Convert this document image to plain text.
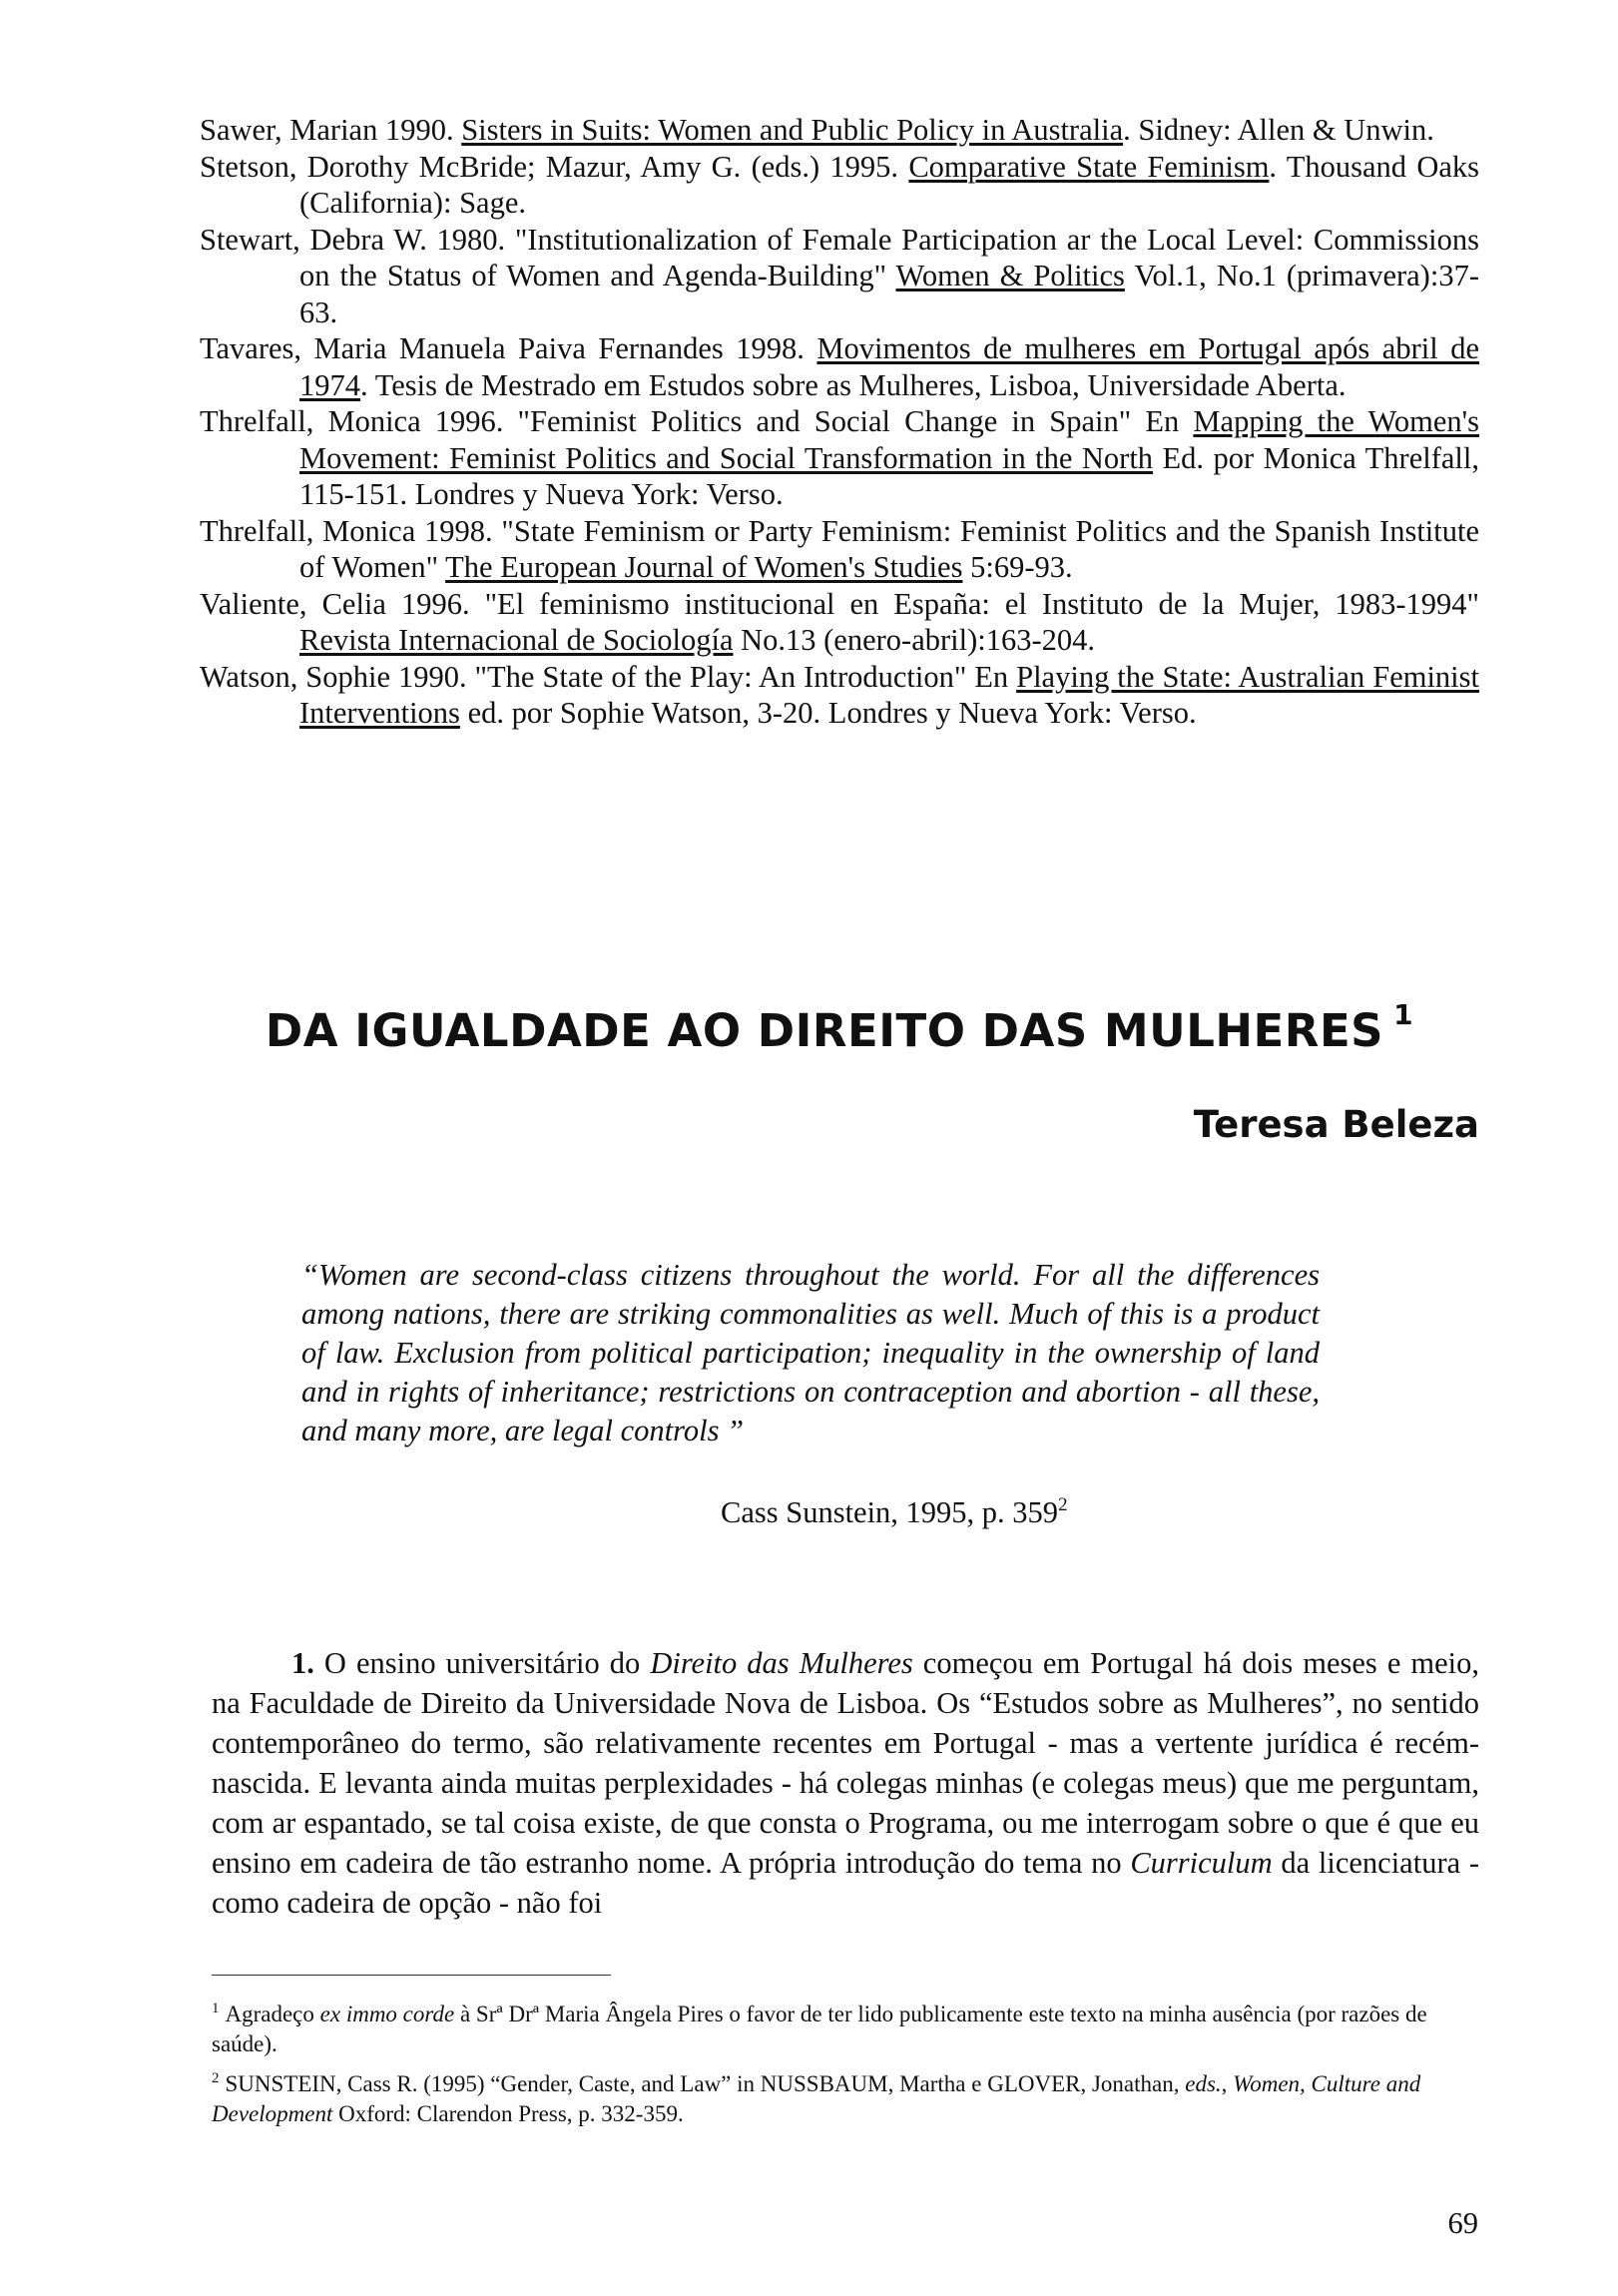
Sawer, Marian 1990. Sisters in Suits: Women and Public Policy in Australia. Sidney: Allen & Unwin.

Stetson, Dorothy McBride; Mazur, Amy G. (eds.) 1995. Comparative State Feminism. Thousand Oaks (California): Sage.

Stewart, Debra W. 1980. "Institutionalization of Female Participation ar the Local Level: Commissions on the Status of Women and Agenda-Building" Women & Politics Vol.1, No.1 (primavera):37-63.

Tavares, Maria Manuela Paiva Fernandes 1998. Movimentos de mulheres em Portugal após abril de 1974. Tesis de Mestrado em Estudos sobre as Mulheres, Lisboa, Universidade Aberta.

Threlfall, Monica 1996. "Feminist Politics and Social Change in Spain" En Mapping the Women's Movement: Feminist Politics and Social Transformation in the North Ed. por Monica Threlfall, 115-151. Londres y Nueva York: Verso.

Threlfall, Monica 1998. "State Feminism or Party Feminism: Feminist Politics and the Spanish Institute of Women" The European Journal of Women's Studies 5:69-93.

Valiente, Celia 1996. "El feminismo institucional en España: el Instituto de la Mujer, 1983-1994" Revista Internacional de Sociología No.13 (enero-abril):163-204.

Watson, Sophie 1990. "The State of the Play: An Introduction" En Playing the State: Australian Feminist Interventions ed. por Sophie Watson, 3-20. Londres y Nueva York: Verso.

DA IGUALDADE AO DIREITO DAS MULHERES $^1$

Teresa Beleza

“Women are second-class citizens throughout the world. For all the differences among nations, there are striking commonalities as well. Much of this is a product of law. Exclusion from political participation; inequality in the ownership of land and in rights of inheritance; restrictions on contraception and abortion - all these, and many more, are legal controls ”

Cass Sunstein, 1995, p. $359^2$

1. O ensino universitário do Direito das Mulheres começou em Portugal há dois meses e meio, na Faculdade de Direito da Universidade Nova de Lisboa. Os “Estudos sobre as Mulheres”, no sentido contemporâneo do termo, são relativamente recentes em Portugal - mas a vertente jurídica é recém-nascida. E levanta ainda muitas perplexidades - há colegas minhas (e colegas meus) que me perguntam, com ar espantado, se tal coisa existe, de que consta o Programa, ou me interrogam sobre o que é que eu ensino em cadeira de tão estranho nome. A própria introdução do tema no Curriculum da licenciatura - como cadeira de opção - não foi

$^1$ Agradeço ex immo corde à Srª Drª Maria Ângela Pires o favor de ter lido publicamente este texto na minha ausência (por razões de saúde).

$^2$ SUNSTEIN, Cass R. (1995) “Gender, Caste, and Law” in NUSSBAUM, Martha e GLOVER, Jonathan, eds., Women, Culture and Development Oxford: Clarendon Press, p. 332-359.

69
